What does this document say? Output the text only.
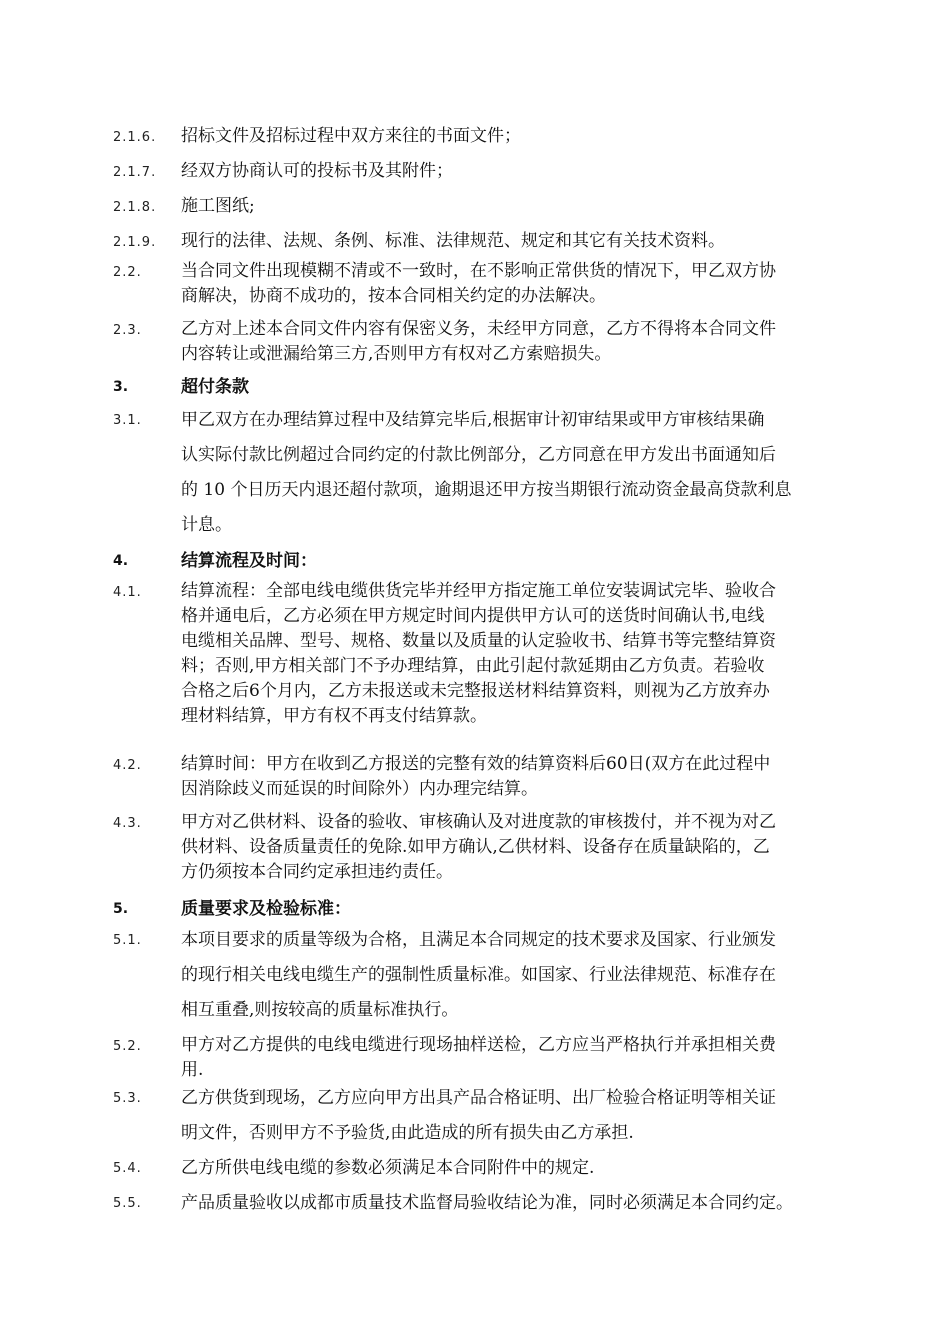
2.1.6. 招标文件及招标过程中双方来往的书面文件；
2.1.7. 经双方协商认可的投标书及其附件；
2.1.8. 施工图纸;
2.1.9. 现行的法律、法规、条例、标准、法律规范、规定和其它有关技术资料。
2.2. 当合同文件出现模糊不清或不一致时，在不影响正常供货的情况下，甲乙双方协
商解决，协商不成功的，按本合同相关约定的办法解决。
2.3. 乙方对上述本合同文件内容有保密义务，未经甲方同意，乙方不得将本合同文件
内容转让或泄漏给第三方,否则甲方有权对乙方索赔损失。
3.	超付条款
3.1. 甲乙双方在办理结算过程中及结算完毕后,根据审计初审结果或甲方审核结果确
认实际付款比例超过合同约定的付款比例部分，乙方同意在甲方发出书面通知后
的 10 个日历天内退还超付款项，逾期退还甲方按当期银行流动资金最高贷款利息
计息。
4.	结算流程及时间：
4.1. 结算流程：全部电线电缆供货完毕并经甲方指定施工单位安装调试完毕、验收合
格并通电后，乙方必须在甲方规定时间内提供甲方认可的送货时间确认书,电线
电缆相关品牌、型号、规格、数量以及质量的认定验收书、结算书等完整结算资
料；否则,甲方相关部门不予办理结算，由此引起付款延期由乙方负责。若验收
合格之后6个月内，乙方未报送或未完整报送材料结算资料，则视为乙方放弃办
理材料结算，甲方有权不再支付结算款。
4.2. 结算时间：甲方在收到乙方报送的完整有效的结算资料后60日(双方在此过程中
因消除歧义而延误的时间除外）内办理完结算。
4.3. 甲方对乙供材料、设备的验收、审核确认及对进度款的审核拨付，并不视为对乙
供材料、设备质量责任的免除.如甲方确认,乙供材料、设备存在质量缺陷的，乙
方仍须按本合同约定承担违约责任。
5.	质量要求及检验标准：
5.1. 本项目要求的质量等级为合格，且满足本合同规定的技术要求及国家、行业颁发
的现行相关电线电缆生产的强制性质量标准。如国家、行业法律规范、标准存在
相互重叠,则按较高的质量标准执行。
5.2. 甲方对乙方提供的电线电缆进行现场抽样送检，乙方应当严格执行并承担相关费
用.
5.3. 乙方供货到现场，乙方应向甲方出具产品合格证明、出厂检验合格证明等相关证
明文件，否则甲方不予验货,由此造成的所有损失由乙方承担.
5.4. 乙方所供电线电缆的参数必须满足本合同附件中的规定.
5.5. 产品质量验收以成都市质量技术监督局验收结论为准，同时必须满足本合同约定。
